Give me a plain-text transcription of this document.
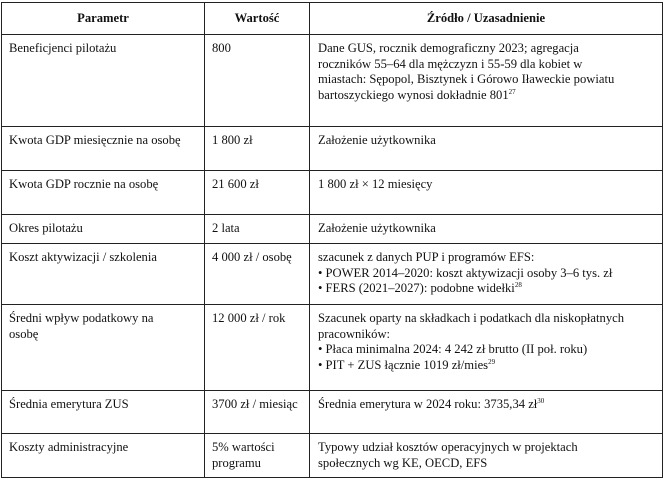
Parametr	Wartość	Źródło / Uzasadnienie
Beneficjenci pilotażu	800	Dane GUS, rocznik demograficzny 2023; agregacja
roczników 55–64 dla mężczyzn i 55-59 dla kobiet w
miastach: Sępopol, Bisztynek i Górowo Iławeckie powiatu
bartoszyckiego wynosi dokładnie $801^{27}$

Kwota GDP miesięcznie na osobę	1 800 zł	Założenie użytkownika
Kwota GDP rocznie na osobę	21 600 zł	1 800 zł × 12 miesięcy
Okres pilotażu	2 lata	Założenie użytkownika
Koszt aktywizacji / szkolenia	4 000 zł / osobę	szacunek z danych PUP i programów EFS:
• POWER 2014–2020: koszt aktywizacji osoby 3–6 tys. zł
• FERS (2021–2027): podobne widełki$^{28}$

Średni wpływ podatkowy na
osobę	12 000 zł / rok	Szacunek oparty na składkach i podatkach dla niskopłatnych
pracowników:
• Płaca minimalna 2024: 4 242 zł brutto (II poł. roku)
• PIT + ZUS łącznie 1019 zł/mies$^{29}$

Średnia emerytura ZUS	3700 zł / miesiąc	Średnia emerytura w 2024 roku: 3735,34 $zł^{30}$
Koszty administracyjne	5% wartości
programu	Typowy udział kosztów operacyjnych w projektach
społecznych wg KE, OECD, EFS
